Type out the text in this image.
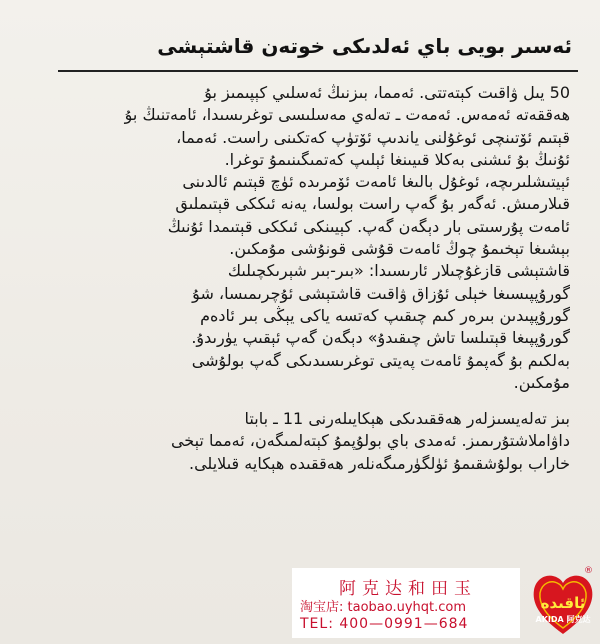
ئەسىر بويى باي ئەلدىكى خوتەن قاشتېشى

50 يىل ۋاقىت كېتەتتى. ئەمما، بىزنىڭ ئەسلىي كېپىمىز بۇ
ھەققەتە ئەمەس. ئەمەت ـ تەلەي مەسلىسى توغرىسىدا، ئامەتنىڭ بۇ
قېتىم ئۆتىنچى ئوغۇلنى ياندىپ ئۆتۈپ كەتكىنى راست. ئەمما،
ئۇنىڭ بۇ ئىشنى بەكلا قىيىنغا ئېلىپ كەتمىگىنىمۇ توغرا.
ئېيتىشلىرىچە، ئوغۇل بالىغا ئامەت ئۆمرىدە ئۈچ قېتىم ئالدىنى
قىلارمىش. ئەگەر بۇ گەپ راست بولسا، يەنە ئىككى قېتىملىق
ئامەت پۇرسىتى بار دېگەن گەپ. كېيىنكى ئىككى قېتىمدا ئۇنىڭ
بېشىغا تېخىمۇ چوڭ ئامەت قۇشى قونۇشى مۇمكىن.

قاشتېشى قازغۇچىلار ئارىسىدا: «بىر-بىر شېرىكچىلىك
گورۇپپىسىغا خېلى ئۇزاق ۋاقىت قاشتېشى ئۇچرىمىسا، شۇ
گورۇپپىدىن بىرەر كىم چىقىپ كەتسە ياكى يېڭى بىر ئادەم
گورۇپپىغا قېتىلسا تاش چىقىدۇ» دېگەن گەپ ئېقىپ يۈرىدۇ.
بەلكىم بۇ گەپمۇ ئامەت پەيتى توغرىسىدىكى گەپ بولۇشى
مۇمكىن.

بىز تەلەيسىزلەر ھەققىدىكى ھېكايىلەرنى 11 ـ بابتا
داۋاملاشتۇرىمىز. ئەمدى باي بولۇپمۇ كېتەلمىگەن، ئەمما تېخى
خاراب بولۇشقىمۇ ئۈلگۈرمىگەنلەر ھەققىدە ھېكايە قىلايلى.

阿克达和田玉
淘宝店: taobao.uyhqt.com
TEL: 400—0991—684
ئاقىدە
AKIDA 阿克达
®
